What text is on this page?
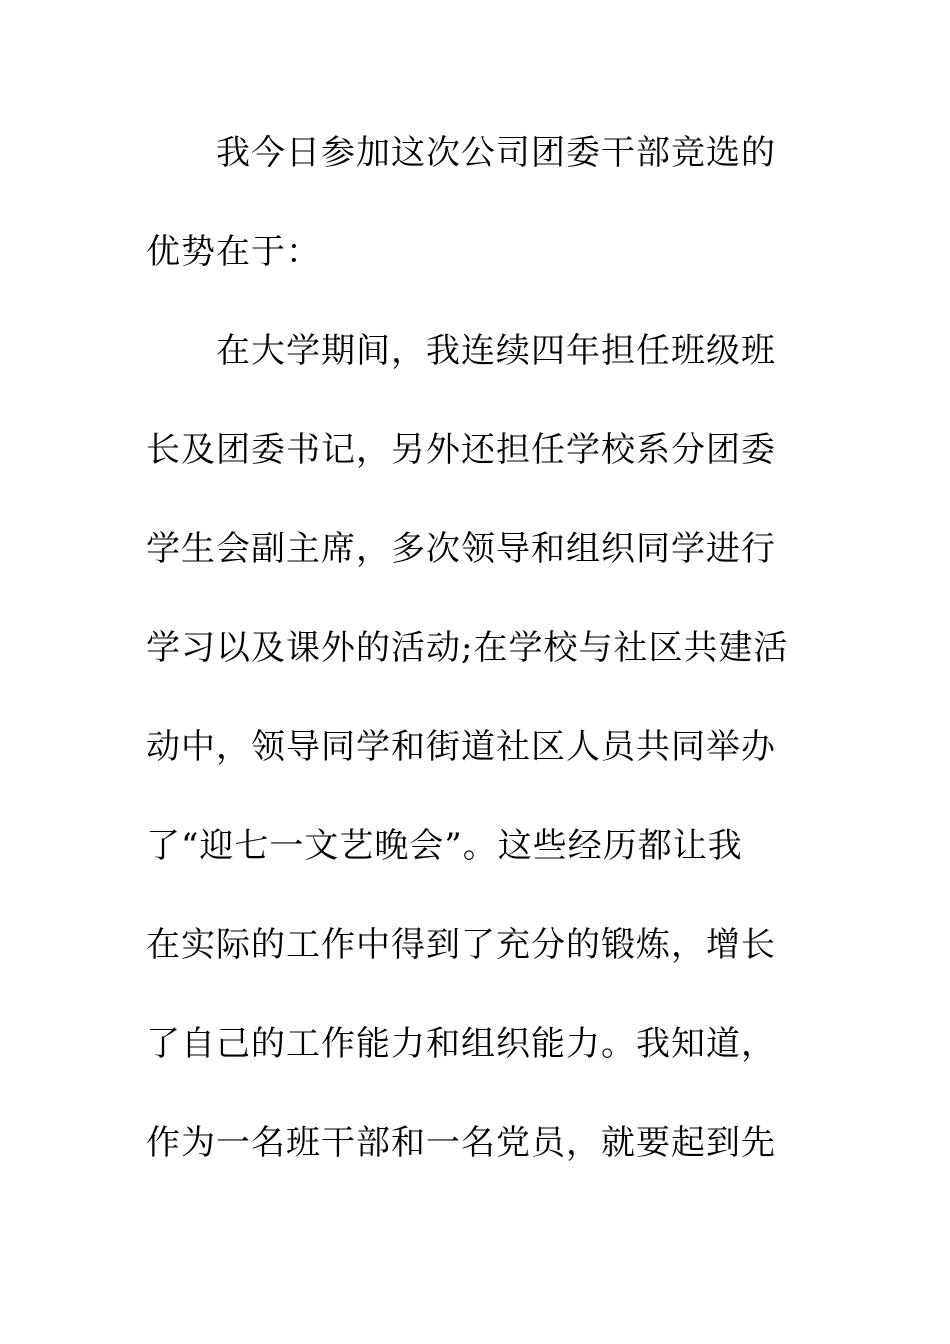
我今日参加这次公司团委干部竞选的
优势在于：
在大学期间，我连续四年担任班级班
长及团委书记，另外还担任学校系分团委
学生会副主席，多次领导和组织同学进行
学习以及课外的活动;在学校与社区共建活
动中，领导同学和街道社区人员共同举办
了“迎七一文艺晚会”。这些经历都让我
在实际的工作中得到了充分的锻炼，增长
了自己的工作能力和组织能力。我知道，
作为一名班干部和一名党员，就要起到先
